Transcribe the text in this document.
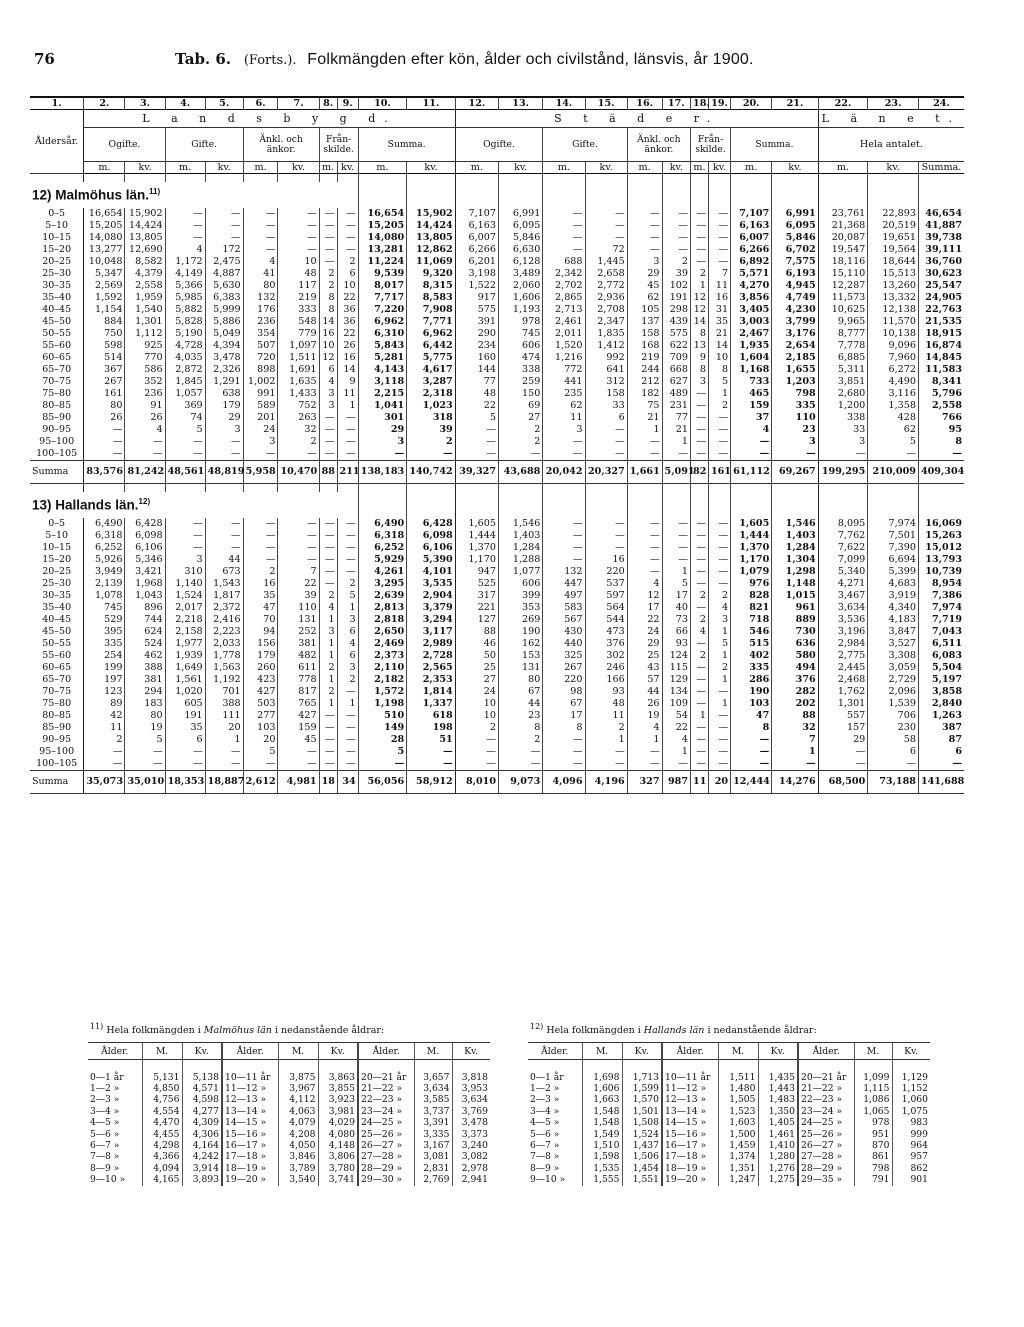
76	Tab. 6. (Forts.). Folkmängden efter kön, ålder och civilstånd, länsvis, år 1900.
1.	2.	3.	4.	5.	6.	7.	8.	9.	10.	11.	12.	13.	14.	15.	16.	17.	18.	19.	20.	21.	22.	23.	24.
Åldersår.	L a n d s b y g d.										S t ä d e r.										L ä n e t.		
	Ogifte.		Gifte.		Änkl. och änkor.		Från- skilde.		Summa.		Ogifte.		Gifte.		Änkl. och änkor.		Från- skilde.		Summa.		Hela antalet.		
	m.	kv.	m.	kv.	m.	kv.	m.	kv.	m.	kv.	m.	kv.	m.	kv.	m.	kv.	m.	kv.	m.	kv.	m.	kv.	Summa.

12) Malmöhus län.$^{11)}$															
0–5	16,654	15,902	—	—	—	—	—	—	16,654	15,902	7,107	6,991	—	—	—	—	—	—	7,107	6,991	23,761	22,893	46,654
5–10	15,205	14,424	—	—	—	—	—	—	15,205	14,424	6,163	6,095	—	—	—	—	—	—	6,163	6,095	21,368	20,519	41,887
10–15	14,080	13,805	—	—	—	—	—	—	14,080	13,805	6,007	5,846	—	—	—	—	—	—	6,007	5,846	20,087	19,651	39,738
15–20	13,277	12,690	4	172	—	—	—	—	13,281	12,862	6,266	6,630	—	72	—	—	—	—	6,266	6,702	19,547	19,564	39,111
20–25	10,048	8,582	1,172	2,475	4	10	—	2	11,224	11,069	6,201	6,128	688	1,445	3	2	—	—	6,892	7,575	18,116	18,644	36,760
25–30	5,347	4,379	4,149	4,887	41	48	2	6	9,539	9,320	3,198	3,489	2,342	2,658	29	39	2	7	5,571	6,193	15,110	15,513	30,623
30–35	2,569	2,558	5,366	5,630	80	117	2	10	8,017	8,315	1,522	2,060	2,702	2,772	45	102	1	11	4,270	4,945	12,287	13,260	25,547
35–40	1,592	1,959	5,985	6,383	132	219	8	22	7,717	8,583	917	1,606	2,865	2,936	62	191	12	16	3,856	4,749	11,573	13,332	24,905
40–45	1,154	1,540	5,882	5,999	176	333	8	36	7,220	7,908	575	1,193	2,713	2,708	105	298	12	31	3,405	4,230	10,625	12,138	22,763
45–50	884	1,301	5,828	5,886	236	548	14	36	6,962	7,771	391	978	2,461	2,347	137	439	14	35	3,003	3,799	9,965	11,570	21,535
50–55	750	1,112	5,190	5,049	354	779	16	22	6,310	6,962	290	745	2,011	1,835	158	575	8	21	2,467	3,176	8,777	10,138	18,915
55–60	598	925	4,728	4,394	507	1,097	10	26	5,843	6,442	234	606	1,520	1,412	168	622	13	14	1,935	2,654	7,778	9,096	16,874
60–65	514	770	4,035	3,478	720	1,511	12	16	5,281	5,775	160	474	1,216	992	219	709	9	10	1,604	2,185	6,885	7,960	14,845
65–70	367	586	2,872	2,326	898	1,691	6	14	4,143	4,617	144	338	772	641	244	668	8	8	1,168	1,655	5,311	6,272	11,583
70–75	267	352	1,845	1,291	1,002	1,635	4	9	3,118	3,287	77	259	441	312	212	627	3	5	733	1,203	3,851	4,490	8,341
75–80	161	236	1,057	638	991	1,433	3	11	2,215	2,318	48	150	235	158	182	489	—	1	465	798	2,680	3,116	5,796
80–85	80	91	369	179	589	752	3	1	1,041	1,023	22	69	62	33	75	231	—	2	159	335	1,200	1,358	2,558
85–90	26	26	74	29	201	263	—	—	301	318	5	27	11	6	21	77	—	—	37	110	338	428	766
90–95	—	4	5	3	24	32	—	—	29	39	—	2	3	—	1	21	—	—	4	23	33	62	95
95–100	—	—	—	—	3	2	—	—	3	2	—	2	—	—	—	1	—	—	—	3	3	5	8
100–105	—	—	—	—	—	—	—	—	—	—	—	—	—	—	—	—	—	—	—	—	—	—	—
Summa	83,576	81,242	48,561	48,819	5,958	10,470	88	211	138,183	140,742	39,327	43,688	20,042	20,327	1,661	5,091	82	161	61,112	69,267	199,295	210,009	409,304

13) Hallands län.$^{12)}$															
0–5	6,490	6,428	—	—	—	—	—	—	6,490	6,428	1,605	1,546	—	—	—	—	—	—	1,605	1,546	8,095	7,974	16,069
5–10	6,318	6,098	—	—	—	—	—	—	6,318	6,098	1,444	1,403	—	—	—	—	—	—	1,444	1,403	7,762	7,501	15,263
10–15	6,252	6,106	—	—	—	—	—	—	6,252	6,106	1,370	1,284	—	—	—	—	—	—	1,370	1,284	7,622	7,390	15,012
15–20	5,926	5,346	3	44	—	—	—	—	5,929	5,390	1,170	1,288	—	16	—	—	—	—	1,170	1,304	7,099	6,694	13,793
20–25	3,949	3,421	310	673	2	7	—	—	4,261	4,101	947	1,077	132	220	—	1	—	—	1,079	1,298	5,340	5,399	10,739
25–30	2,139	1,968	1,140	1,543	16	22	—	2	3,295	3,535	525	606	447	537	4	5	—	—	976	1,148	4,271	4,683	8,954
30–35	1,078	1,043	1,524	1,817	35	39	2	5	2,639	2,904	317	399	497	597	12	17	2	2	828	1,015	3,467	3,919	7,386
35–40	745	896	2,017	2,372	47	110	4	1	2,813	3,379	221	353	583	564	17	40	—	4	821	961	3,634	4,340	7,974
40–45	529	744	2,218	2,416	70	131	1	3	2,818	3,294	127	269	567	544	22	73	2	3	718	889	3,536	4,183	7,719
45–50	395	624	2,158	2,223	94	252	3	6	2,650	3,117	88	190	430	473	24	66	4	1	546	730	3,196	3,847	7,043
50–55	335	524	1,977	2,033	156	381	1	4	2,469	2,989	46	162	440	376	29	93	—	5	515	636	2,984	3,527	6,511
55–60	254	462	1,939	1,778	179	482	1	6	2,373	2,728	50	153	325	302	25	124	2	1	402	580	2,775	3,308	6,083
60–65	199	388	1,649	1,563	260	611	2	3	2,110	2,565	25	131	267	246	43	115	—	2	335	494	2,445	3,059	5,504
65–70	197	381	1,561	1,192	423	778	1	2	2,182	2,353	27	80	220	166	57	129	—	1	286	376	2,468	2,729	5,197
70–75	123	294	1,020	701	427	817	2	—	1,572	1,814	24	67	98	93	44	134	—	—	190	282	1,762	2,096	3,858
75–80	89	183	605	388	503	765	1	1	1,198	1,337	10	44	67	48	26	109	—	1	103	202	1,301	1,539	2,840
80–85	42	80	191	111	277	427	—	—	510	618	10	23	17	11	19	54	1	—	47	88	557	706	1,263
85–90	11	19	35	20	103	159	—	—	149	198	2	8	8	2	4	22	—	—	8	32	157	230	387
90–95	2	5	6	1	20	45	—	—	28	51	—	2	—	1	1	4	—	—	—	7	29	58	87
95–100	—	—	—	—	5	—	—	—	5	—	—	—	—	—	—	1	—	—	—	1	—	6	6
100–105	—	—	—	—	—	—	—	—	—	—	—	—	—	—	—	—	—	—	—	—	—	—	—
Summa	35,073	35,010	18,353	18,887	2,612	4,981	18	34	56,056	58,912	8,010	9,073	4,096	4,196	327	987	11	20	12,444	14,276	68,500	73,188	141,688
$^{11)}$ Hela folkmängden i Malmöhus län i nedanstående åldrar:
Ålder.	M.	Kv.	Ålder.	M.	Kv.	Ålder.	M.	Kv.

0—1 år	5,131	5,138	10—11 år	3,875	3,863	20—21 år	3,657	3,818
1—2 »	4,850	4,571	11—12 »	3,967	3,855	21—22 »	3,634	3,953
2—3 »	4,756	4,598	12—13 »	4,112	3,923	22—23 »	3,585	3,634
3—4 »	4,554	4,277	13—14 »	4,063	3,981	23—24 »	3,737	3,769
4—5 »	4,470	4,309	14—15 »	4,079	4,029	24—25 »	3,391	3,478
5—6 »	4,455	4,306	15—16 »	4,208	4,080	25—26 »	3,335	3,373
6—7 »	4,298	4,164	16—17 »	4,050	4,148	26—27 »	3,167	3,240
7—8 »	4,366	4,242	17—18 »	3,846	3,806	27—28 »	3,081	3,082
8—9 »	4,094	3,914	18—19 »	3,789	3,780	28—29 »	2,831	2,978
9—10 »	4,165	3,893	19—20 »	3,540	3,741	29—30 »	2,769	2,941
$^{12)}$ Hela folkmängden i Hallands län i nedanstående åldrar:
Ålder.	M.	Kv.	Ålder.	M.	Kv.	Ålder.	M.	Kv.

0—1 år	1,698	1,713	10—11 år	1,511	1,435	20—21 år	1,099	1,129
1—2 »	1,606	1,599	11—12 »	1,480	1,443	21—22 »	1,115	1,152
2—3 »	1,663	1,570	12—13 »	1,505	1,483	22—23 »	1,086	1,060
3—4 »	1,548	1,501	13—14 »	1,523	1,350	23—24 »	1,065	1,075
4—5 »	1,548	1,508	14—15 »	1,603	1,405	24—25 »	978	983
5—6 »	1,549	1,524	15—16 »	1,500	1,461	25—26 »	951	999
6—7 »	1,510	1,437	16—17 »	1,459	1,410	26—27 »	870	964
7—8 »	1,598	1,506	17—18 »	1,374	1,280	27—28 »	861	957
8—9 »	1,535	1,454	18—19 »	1,351	1,276	28—29 »	798	862
9—10 »	1,555	1,551	19—20 »	1,247	1,275	29—35 »	791	901
